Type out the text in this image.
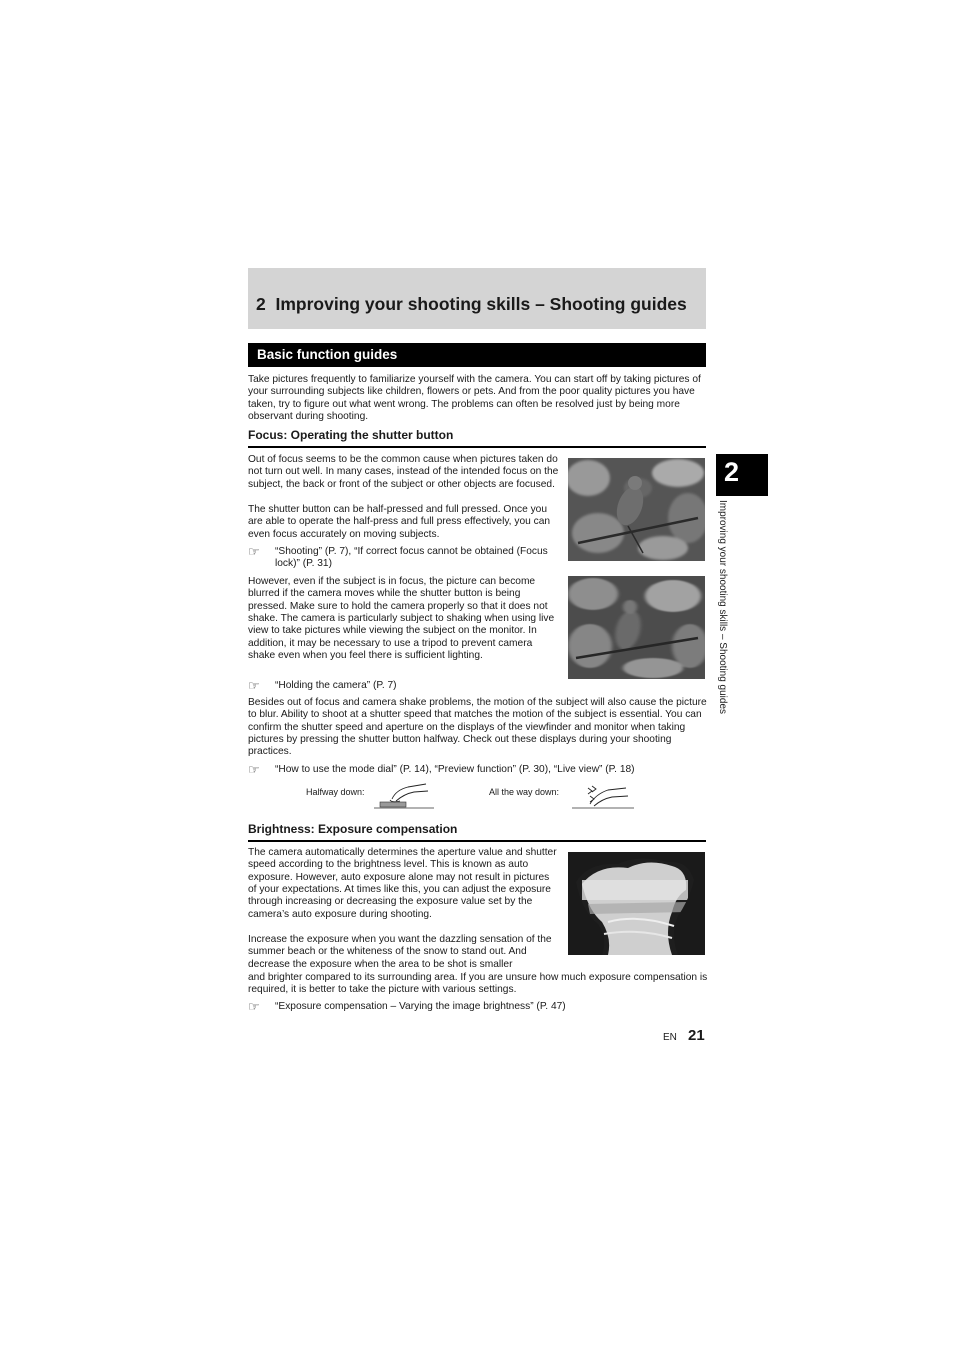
2 Improving your shooting skills – Shooting guides
Basic function guides
Take pictures frequently to familiarize yourself with the camera. You can start off by taking pictures of your surrounding subjects like children, flowers or pets. And from the poor quality pictures you have taken, try to figure out what went wrong. The problems can often be resolved just by being more observant during shooting.
Focus: Operating the shutter button
Out of focus seems to be the common cause when pictures taken do not turn out well. In many cases, instead of the intended focus on the subject, the back or front of the subject or other objects are focused.
The shutter button can be half-pressed and full pressed. Once you are able to operate the half-press and full press effectively, you can even focus accurately on moving subjects.
☞ “Shooting” (P. 7), “If correct focus cannot be obtained (Focus lock)” (P. 31)
However, even if the subject is in focus, the picture can become blurred if the camera moves while the shutter button is being pressed. Make sure to hold the camera properly so that it does not shake. The camera is particularly subject to shaking when using live view to take pictures while viewing the subject on the monitor. In addition, it may be necessary to use a tripod to prevent camera shake even when you feel there is sufficient lighting.
☞ “Holding the camera” (P. 7)
Besides out of focus and camera shake problems, the motion of the subject will also cause the picture to blur. Ability to shoot at a shutter speed that matches the motion of the subject is essential. You can confirm the shutter speed and aperture on the displays of the viewfinder and monitor when taking pictures by pressing the shutter button halfway. Check out these displays during your shooting practices.
☞ “How to use the mode dial” (P. 14), “Preview function” (P. 30), “Live view” (P. 18)
Halfway down:	All the way down:
Brightness: Exposure compensation
The camera automatically determines the aperture value and shutter speed according to the brightness level. This is known as auto exposure. However, auto exposure alone may not result in pictures of your expectations. At times like this, you can adjust the exposure through increasing or decreasing the exposure value set by the camera’s auto exposure during shooting.
Increase the exposure when you want the dazzling sensation of the summer beach or the whiteness of the snow to stand out. And decrease the exposure when the area to be shot is smaller
and brighter compared to its surrounding area. If you are unsure how much exposure compensation is required, it is better to take the picture with various settings.
☞ “Exposure compensation – Varying the image brightness” (P. 47)
2
Improving your shooting skills – Shooting guides
EN 21
